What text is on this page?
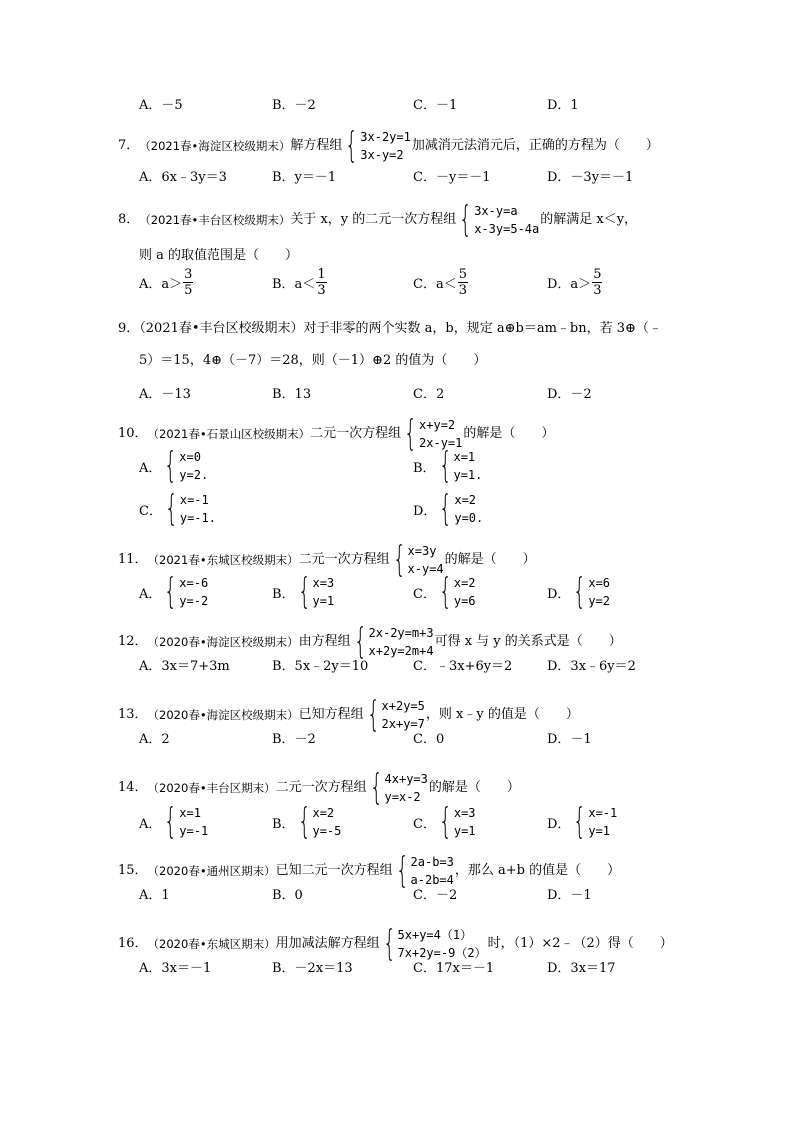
A．－5	B．－2	C．－1	D．1
7． （2021春•海淀区校级期末） 解方程组 { 3x-2y=1
3x-y=2
加减消元法消元后，正确的方程为（　　）
A．6x﹣3y＝3	B．y＝－1	C．－y＝－1	D．－3y＝－1
8． （2021春•丰台区校级期末） 关于 x，y 的二元一次方程组 { 3x-y=a
x-3y=5-4a
的解满足 x＜y，
则 a 的取值范围是（　　）
A．$a> \frac{3}{5}$	B．$a< \frac{1}{3}$	C．$a< \frac{5}{3}$	D．$a> \frac{5}{3}$
9．（2021春•丰台区校级期末）对于非零的两个实数 a，b，规定 a⊕b＝am﹣bn，若 3⊕（﹣
5）＝15，4⊕（－7）＝28，则（－1）⊕2 的值为（　　）
A．－13	B．13	C．2	D．－2
10． （2021春•石景山区校级期末） 二元一次方程组 { x+y=2
2x-y=1
的解是（　　）
A． { x=0
y=2.	B． { x=1
y=1.
C． { x=-1
y=-1.	D． { x=2
y=0.
11． （2021春•东城区校级期末） 二元一次方程组 { x=3y
x-y=4
的解是（　　）
A． { x=-6
y=-2	B． { x=3
y=1	C． { x=2
y=6	D． { x=6
y=2
12． （2020春•海淀区校级期末） 由方程组 { 2x-2y=m+3
x+2y=2m+4
可得 x 与 y 的关系式是（　　）
A．3x＝7+3m	B．5x﹣2y＝10	C．﹣3x+6y＝2	D．3x﹣6y＝2
13． （2020春•海淀区校级期末） 已知方程组 { x+2y=5
2x+y=7
，则 x﹣y 的值是（　　）
A．2	B．－2	C．0	D．－1
14． （2020春•丰台区期末） 二元一次方程组 { 4x+y=3
y=x-2
的解是（　　）
A． { x=1
y=-1	B． { x=2
y=-5	C． { x=3
y=1	D． { x=-1
y=1
15． （2020春•通州区期末） 已知二元一次方程组 { 2a-b=3
a-2b=4
，那么 a+b 的值是（　　）
A．1	B．0	C．－2	D．－1
16． （2020春•东城区期末） 用加减法解方程组 { 5x+y=4（1）
7x+2y=-9（2）
时，（1）×2﹣（2）得（　　）
A．3x＝－1	B．－2x＝13	C．17x＝－1	D．3x＝17
